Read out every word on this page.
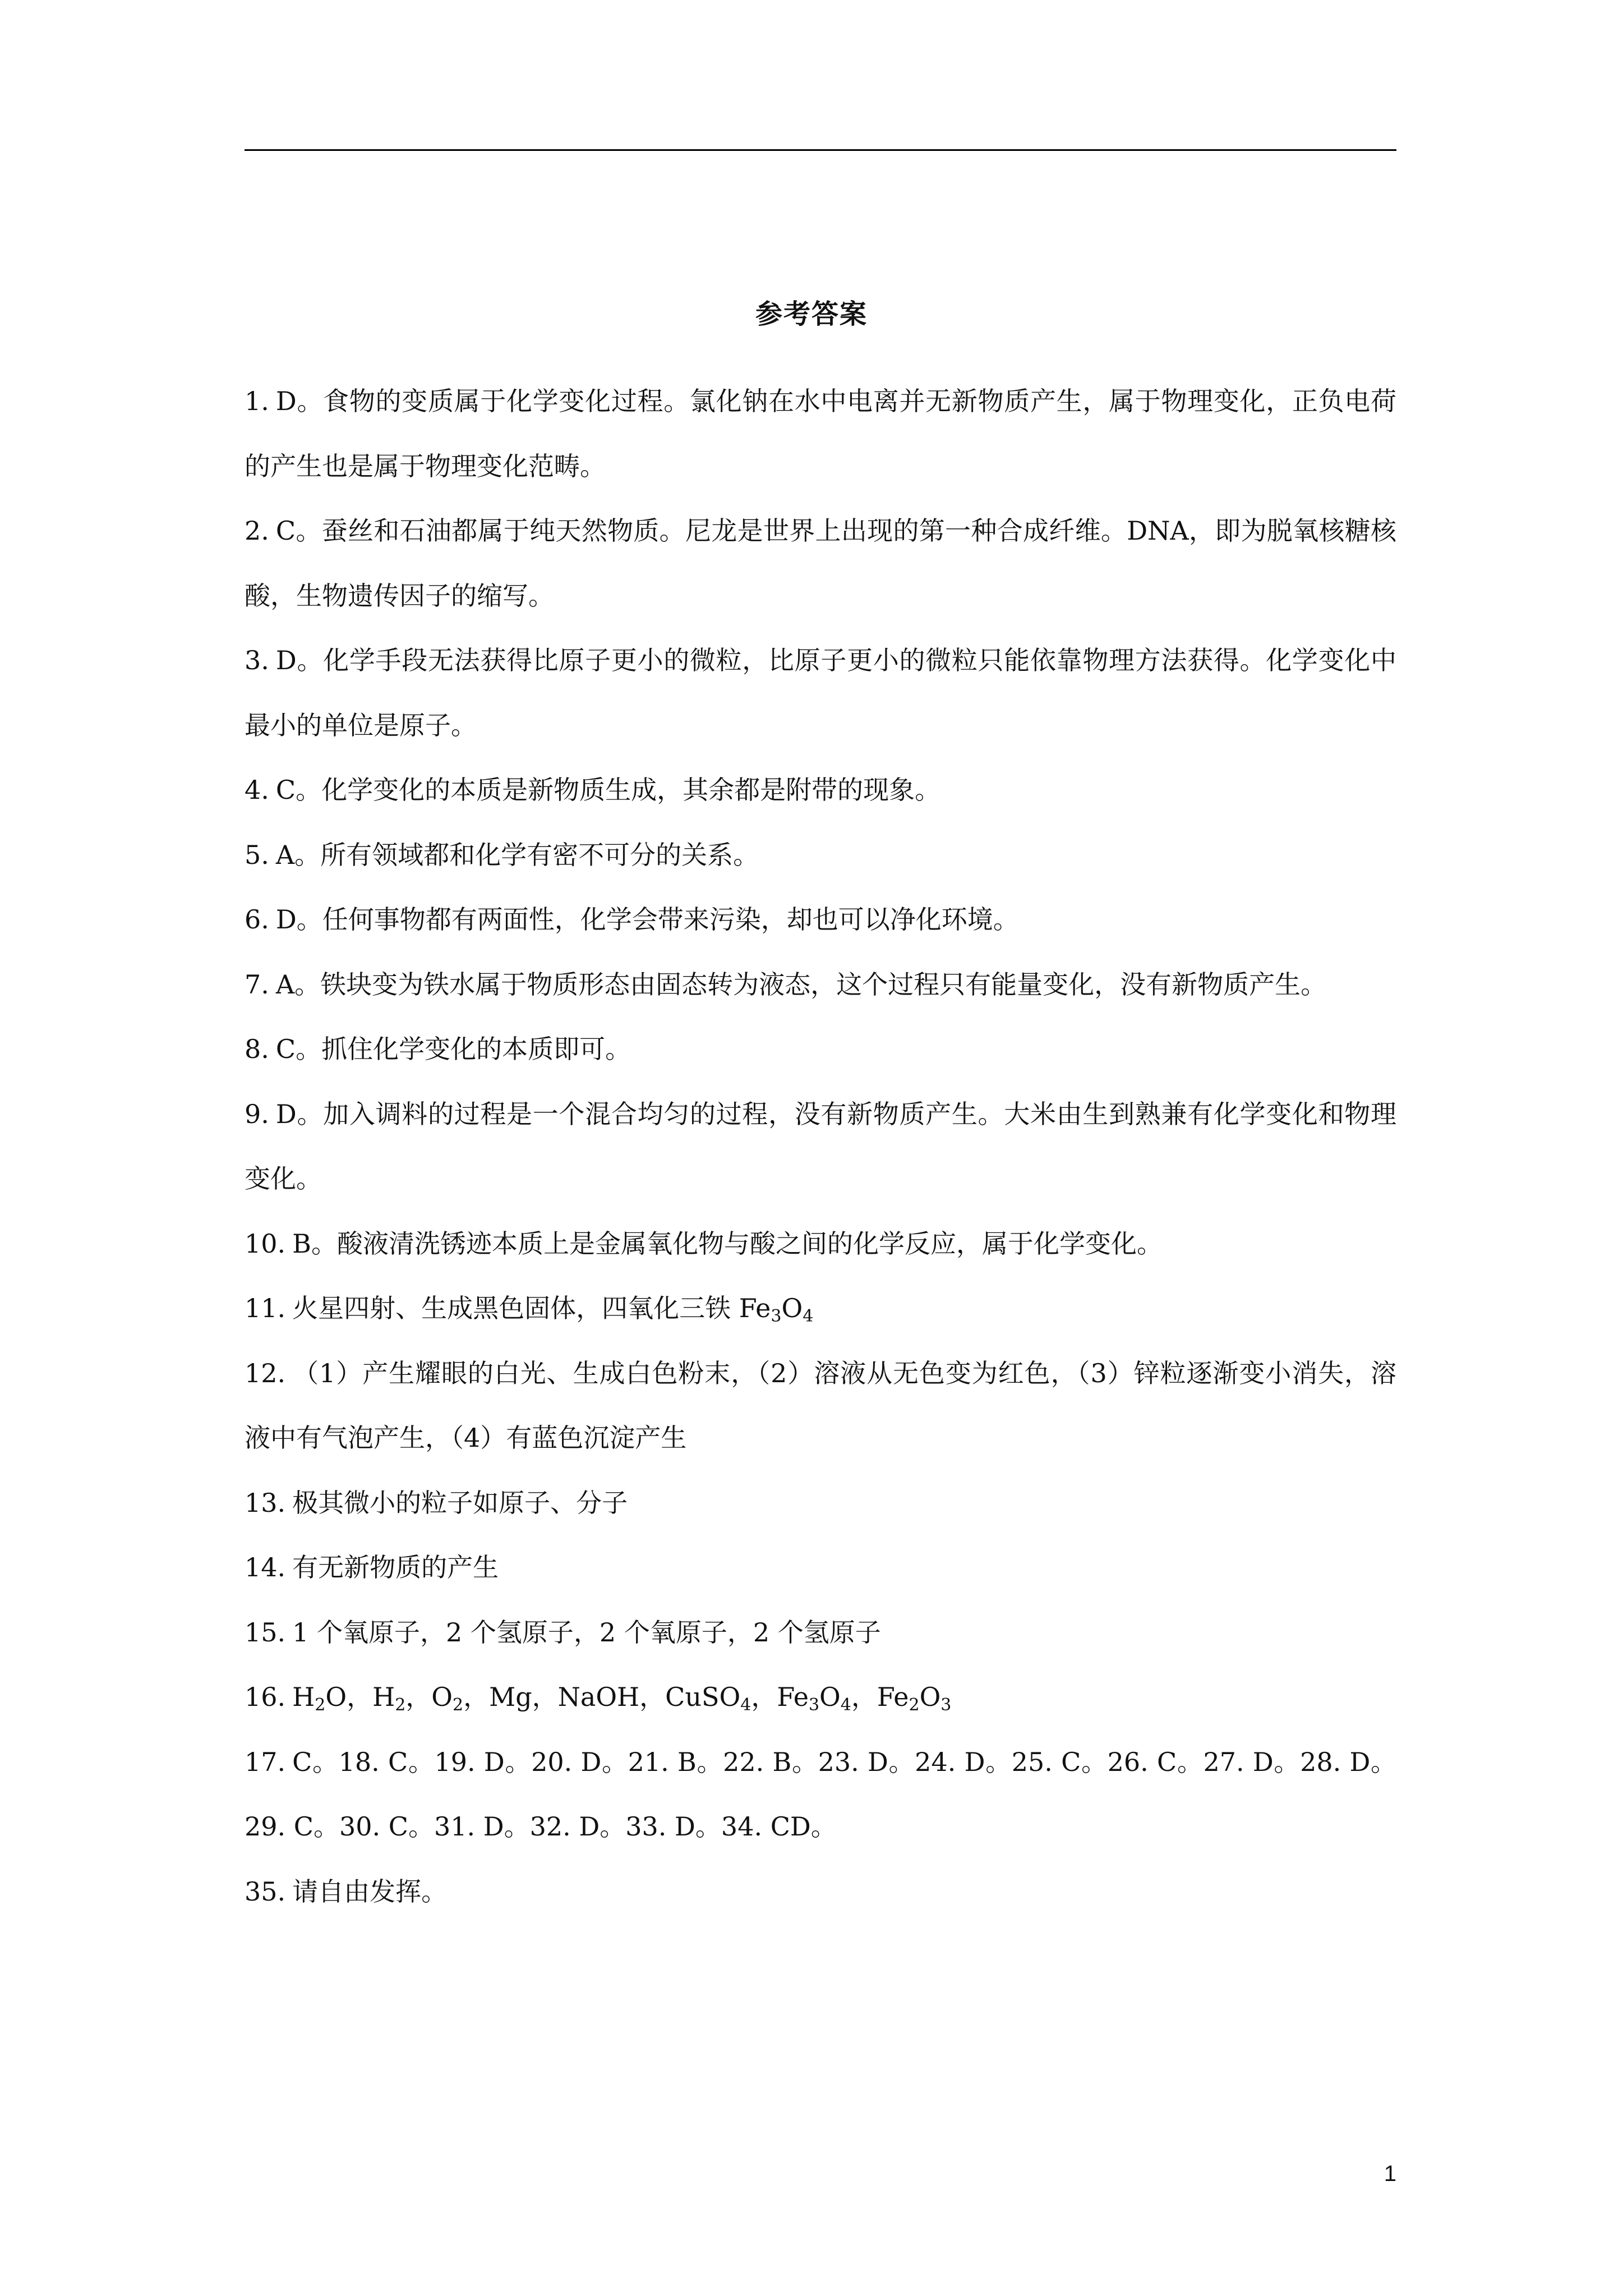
参考答案
1. D。食物的变质属于化学变化过程。氯化钠在水中电离并无新物质产生，属于物理变化，正负电荷的产生也是属于物理变化范畴。
2. C。蚕丝和石油都属于纯天然物质。尼龙是世界上出现的第一种合成纤维。DNA，即为脱氧核糖核酸，生物遗传因子的缩写。
3. D。化学手段无法获得比原子更小的微粒，比原子更小的微粒只能依靠物理方法获得。化学变化中最小的单位是原子。
4. C。化学变化的本质是新物质生成，其余都是附带的现象。
5. A。所有领域都和化学有密不可分的关系。
6. D。任何事物都有两面性，化学会带来污染，却也可以净化环境。
7. A。铁块变为铁水属于物质形态由固态转为液态，这个过程只有能量变化，没有新物质产生。
8. C。抓住化学变化的本质即可。
9. D。加入调料的过程是一个混合均匀的过程，没有新物质产生。大米由生到熟兼有化学变化和物理变化。
10. B。酸液清洗锈迹本质上是金属氧化物与酸之间的化学反应，属于化学变化。
11. 火星四射、生成黑色固体，四氧化三铁 $Fe_3O_4$
12. （1）产生耀眼的白光、生成白色粉末，（2）溶液从无色变为红色，（3）锌粒逐渐变小消失，溶液中有气泡产生，（4）有蓝色沉淀产生
13. 极其微小的粒子如原子、分子
14. 有无新物质的产生
15. 1 个氧原子，2 个氢原子，2 个氧原子，2 个氢原子
16. $H_2O$，$H_2$，$O_2$，Mg，NaOH，CuSO$_4$，$Fe_3O_4$，$Fe_2O_3$
17. C。18. C。19. D。20. D。21. B。22. B。23. D。24. D。25. C。26. C。27. D。28. D。29. C。30. C。31. D。32. D。33. D。34. CD。
35. 请自由发挥。
1
